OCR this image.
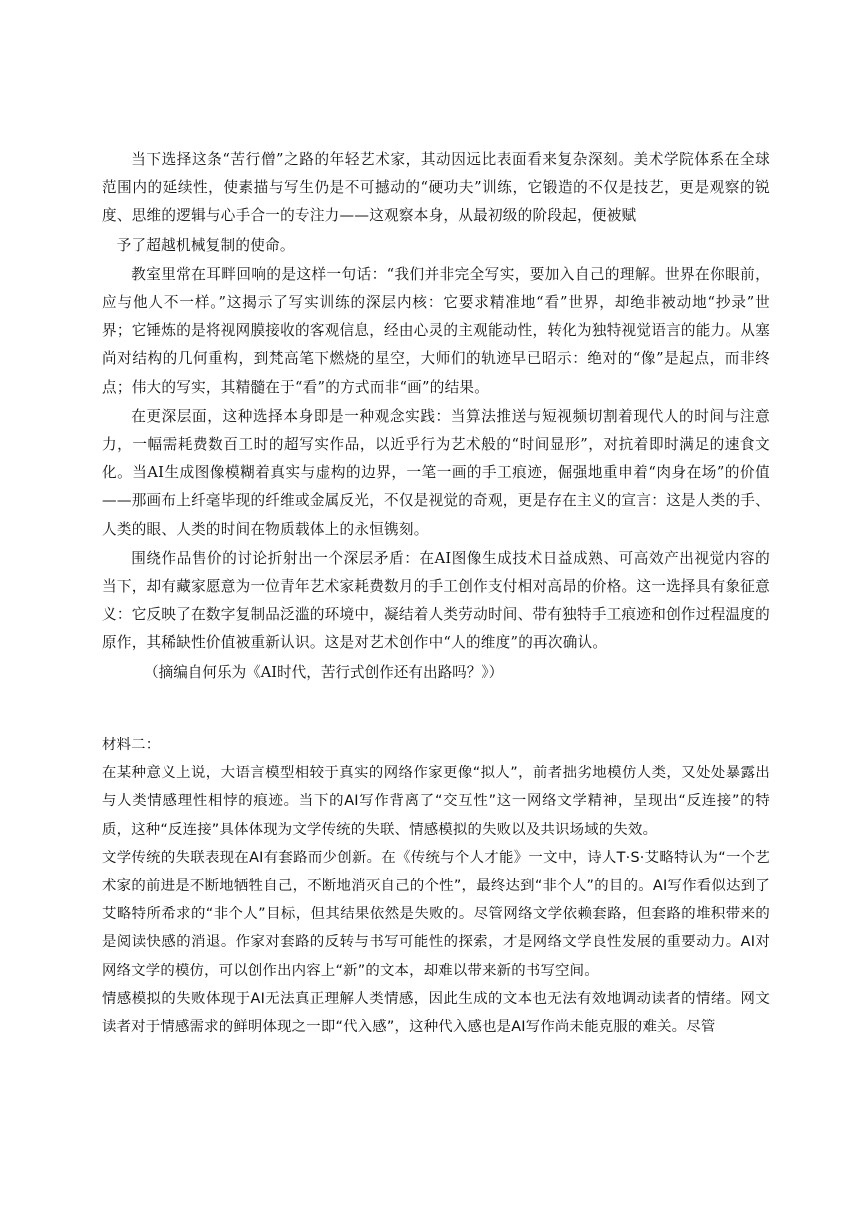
当下选择这条“苦行僧”之路的年轻艺术家，其动因远比表面看来复杂深刻。美术学院体系在全球范围内的延续性，使素描与写生仍是不可撼动的“硬功夫”训练，它锻造的不仅是技艺，更是观察的锐度、思维的逻辑与心手合一的专注力——这观察本身，从最初级的阶段起，便被赋

予了超越机械复制的使命。

教室里常在耳畔回响的是这样一句话：“我们并非完全写实，要加入自己的理解。世界在你眼前，应与他人不一样。”这揭示了写实训练的深层内核：它要求精准地“看”世界，却绝非被动地“抄录”世界；它锤炼的是将视网膜接收的客观信息，经由心灵的主观能动性，转化为独特视觉语言的能力。从塞尚对结构的几何重构，到梵高笔下燃烧的星空，大师们的轨迹早已昭示：绝对的“像”是起点，而非终点；伟大的写实，其精髓在于“看”的方式而非“画”的结果。

在更深层面，这种选择本身即是一种观念实践：当算法推送与短视频切割着现代人的时间与注意力，一幅需耗费数百工时的超写实作品，以近乎行为艺术般的“时间显形”，对抗着即时满足的速食文化。当AI生成图像模糊着真实与虚构的边界，一笔一画的手工痕迹，倔强地重申着“肉身在场”的价值——那画布上纤毫毕现的纤维或金属反光，不仅是视觉的奇观，更是存在主义的宣言：这是人类的手、人类的眼、人类的时间在物质载体上的永恒镌刻。

围绕作品售价的讨论折射出一个深层矛盾：在AI图像生成技术日益成熟、可高效产出视觉内容的当下，却有藏家愿意为一位青年艺术家耗费数月的手工创作支付相对高昂的价格。这一选择具有象征意义：它反映了在数字复制品泛滥的环境中，凝结着人类劳动时间、带有独特手工痕迹和创作过程温度的原作，其稀缺性价值被重新认识。这是对艺术创作中“人的维度”的再次确认。

（摘编自何乐为《AI时代，苦行式创作还有出路吗？》）

材料二：

在某种意义上说，大语言模型相较于真实的网络作家更像“拟人”，前者拙劣地模仿人类，又处处暴露出与人类情感理性相悖的痕迹。当下的AI写作背离了“交互性”这一网络文学精神，呈现出“反连接”的特质，这种“反连接”具体体现为文学传统的失联、情感模拟的失败以及共识场域的失效。

文学传统的失联表现在AI有套路而少创新。在《传统与个人才能》一文中，诗人T·S·艾略特认为“一个艺术家的前进是不断地牺牲自己，不断地消灭自己的个性”，最终达到“非个人”的目的。AI写作看似达到了艾略特所希求的“非个人”目标，但其结果依然是失败的。尽管网络文学依赖套路，但套路的堆积带来的是阅读快感的消退。作家对套路的反转与书写可能性的探索，才是网络文学良性发展的重要动力。AI对网络文学的模仿，可以创作出内容上“新”的文本，却难以带来新的书写空间。

情感模拟的失败体现于AI无法真正理解人类情感，因此生成的文本也无法有效地调动读者的情绪。网文读者对于情感需求的鲜明体现之一即“代入感”，这种代入感也是AI写作尚未能克服的难关。尽管
